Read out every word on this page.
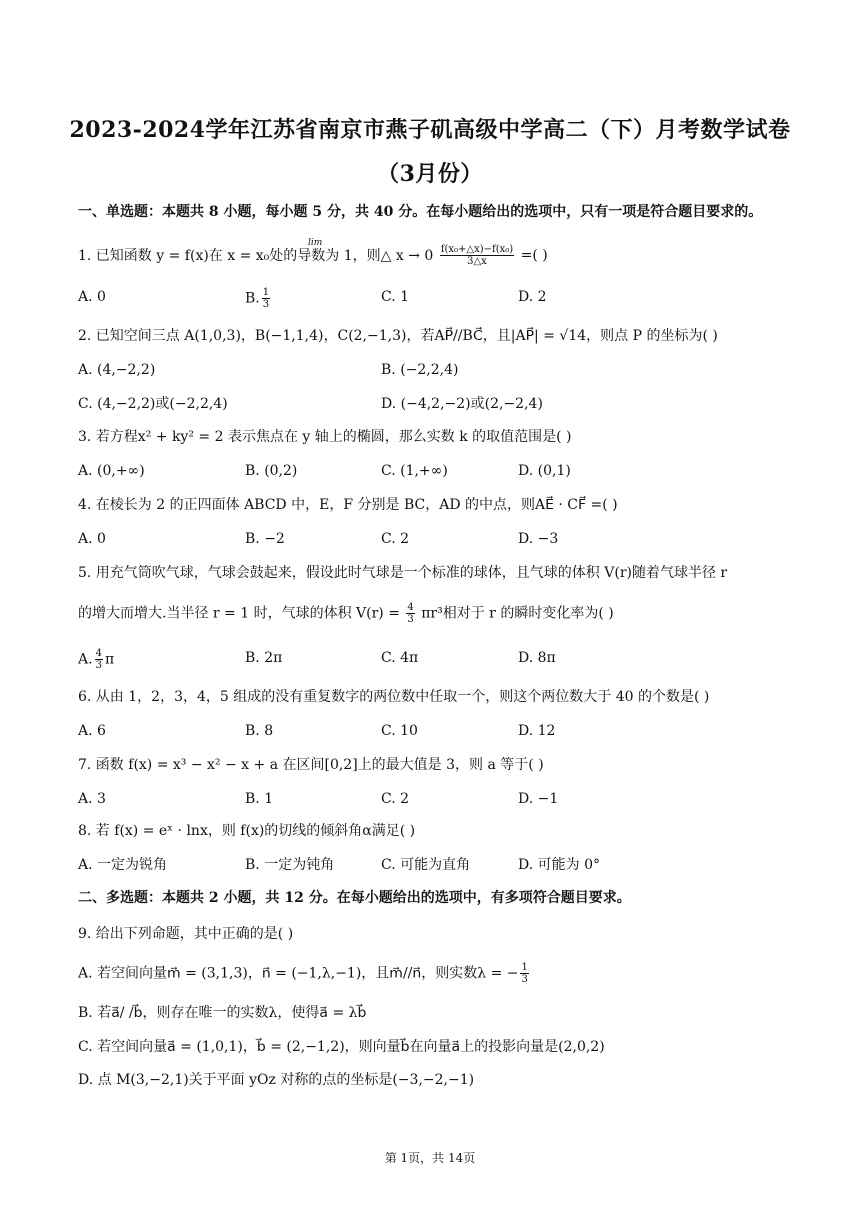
2023-2024学年江苏省南京市燕子矶高级中学高二（下）月考数学试卷
（3月份）
一、单选题：本题共 8 小题，每小题 5 分，共 40 分。在每小题给出的选项中，只有一项是符合题目要求的。
1. 已知函数 y = f(x)在 x = x₀处的导数为 1，则△ x → 0
lim

$\frac{\text{f(x₀+△x)−f(x₀)}}{3\triangle x}$ =( )
A. 0	B. $\frac{1}{3}$	C. 1	D. 2
2. 已知空间三点 A(1,0,3)，B(−1,1,4)，C(2,−1,3)，若AP⃗//BC⃗，且|AP⃗| = √14，则点 P 的坐标为( )
A. (4,−2,2)	B. (−2,2,4)
C. (4,−2,2)或(−2,2,4)	D. (−4,2,−2)或(2,−2,4)
3. 若方程x² + ky² = 2 表示焦点在 y 轴上的椭圆，那么实数 k 的取值范围是( )
A. (0,+∞)	B. (0,2)	C. (1,+∞)	D. (0,1)
4. 在棱长为 2 的正四面体 ABCD 中，E，F 分别是 BC，AD 的中点，则AE⃗ · CF⃗ =( )
A. 0	B. −2	C. 2	D. −3
5. 用充气筒吹气球，气球会鼓起来，假设此时气球是一个标准的球体，且气球的体积 V(r)随着气球半径 r
的增大而增大.当半径 r = 1 时，气球的体积 $V(r) = \frac{4}{3} \pi r^3$相对于 r 的瞬时变化率为( )
A. $\frac{4}{3}$ π	B. 2π	C. 4π	D. 8π
6. 从由 1，2，3，4，5 组成的没有重复数字的两位数中任取一个，则这个两位数大于 40 的个数是( )
A. 6	B. 8	C. 10	D. 12
7. 函数 f(x) = x³ − x² − x + a 在区间[0,2]上的最大值是 3，则 a 等于( )
A. 3	B. 1	C. 2	D. −1
8. 若 f(x) = eˣ · lnx，则 f(x)的切线的倾斜角α满足( )
A. 一定为锐角	B. 一定为钝角	C. 可能为直角	D. 可能为 0°
二、多选题：本题共 2 小题，共 12 分。在每小题给出的选项中，有多项符合题目要求。
9. 给出下列命题，其中正确的是( )
A. 若空间向量m⃗ = (3,1,3)，n⃗ = (−1,λ,−1)，且m⃗//n⃗，则实数λ = − $\frac{1}{3}$
B. 若a⃗/ /b⃗，则存在唯一的实数λ，使得a⃗ = λb⃗
C. 若空间向量a⃗ = (1,0,1)，b⃗ = (2,−1,2)，则向量b⃗在向量a⃗上的投影向量是(2,0,2)
D. 点 M(3,−2,1)关于平面 yOz 对称的点的坐标是(−3,−2,−1)
第 1页，共 14页
